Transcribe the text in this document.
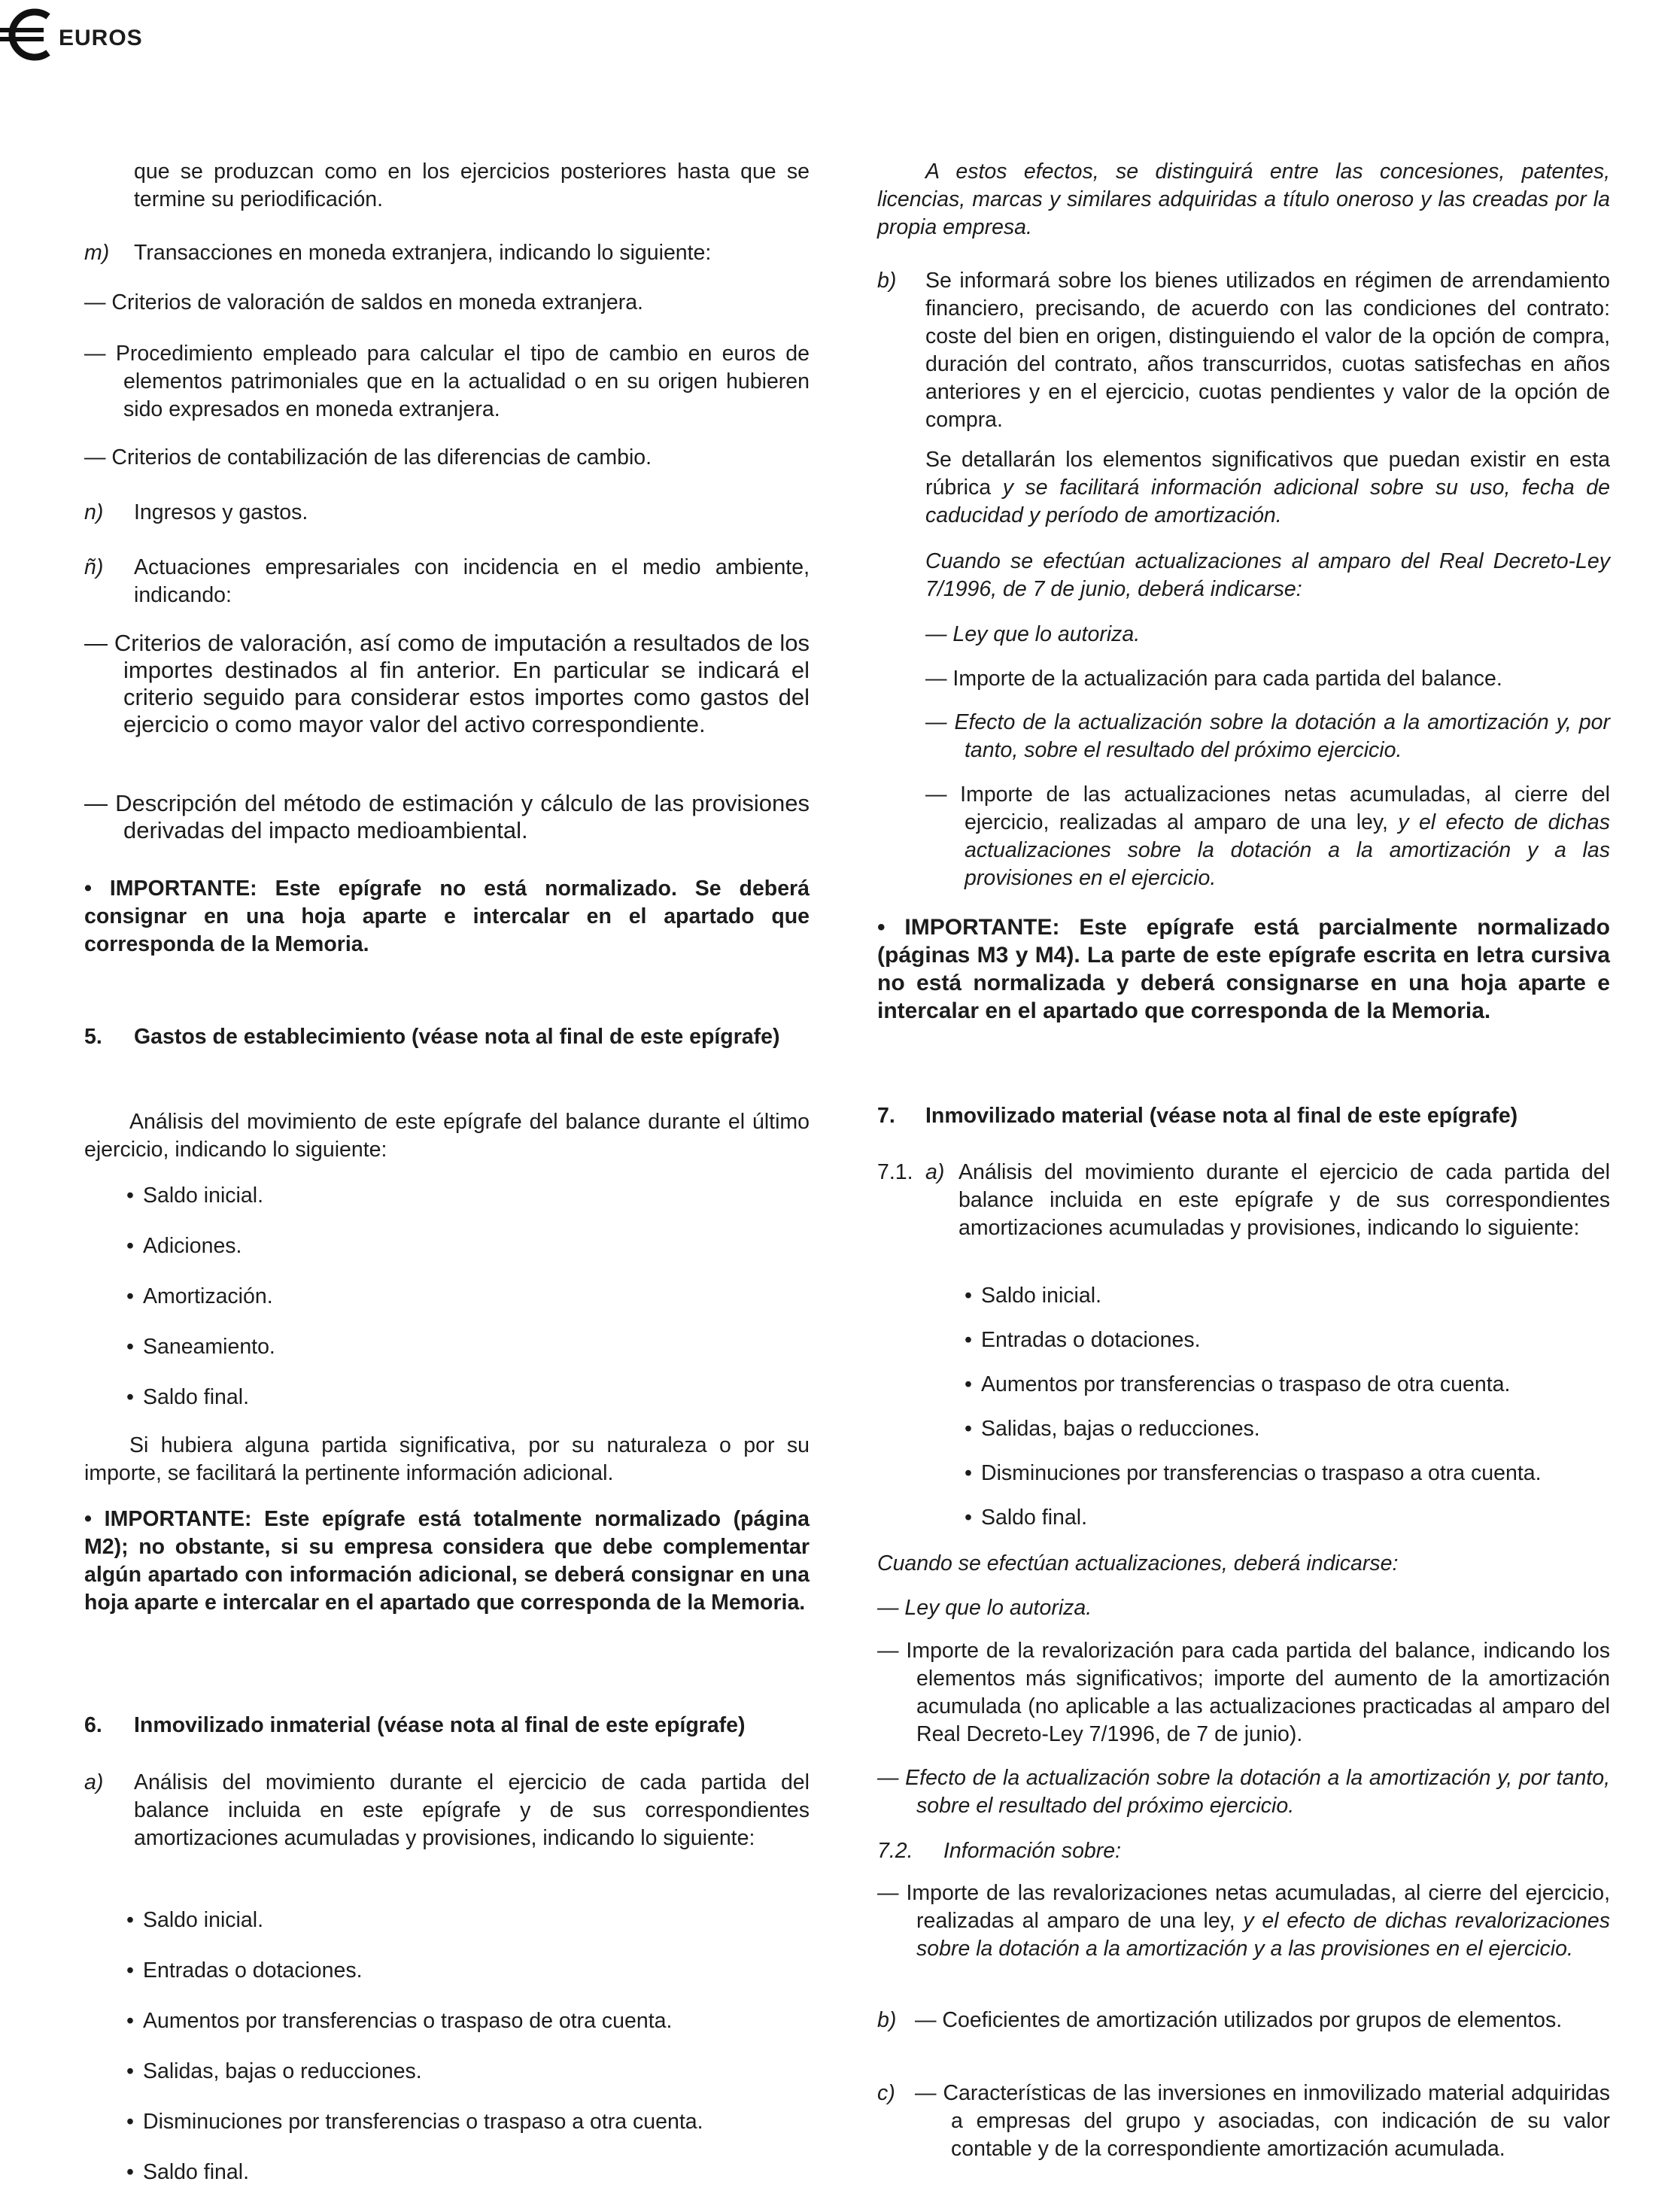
EUROS
que se produzcan como en los ejercicios posteriores hasta que se termine su periodificación.
m) Transacciones en moneda extranjera, indicando lo siguiente:
— Criterios de valoración de saldos en moneda extranjera.
— Procedimiento empleado para calcular el tipo de cambio en euros de elementos patrimoniales que en la actualidad o en su origen hubieren sido expresados en moneda extranjera.
— Criterios de contabilización de las diferencias de cambio.
n) Ingresos y gastos.
ñ) Actuaciones empresariales con incidencia en el medio ambiente, indicando:
— Criterios de valoración, así como de imputación a resultados de los importes destinados al fin anterior. En particular se indicará el criterio seguido para considerar estos importes como gastos del ejercicio o como mayor valor del activo correspondiente.
— Descripción del método de estimación y cálculo de las provisiones derivadas del impacto medioambiental.
• IMPORTANTE: Este epígrafe no está normalizado. Se deberá consignar en una hoja aparte e intercalar en el apartado que corresponda de la Memoria.
5. Gastos de establecimiento (véase nota al final de este epígrafe)
Análisis del movimiento de este epígrafe del balance durante el último ejercicio, indicando lo siguiente:
• Saldo inicial.
• Adiciones.
• Amortización.
• Saneamiento.
• Saldo final.
Si hubiera alguna partida significativa, por su naturaleza o por su importe, se facilitará la pertinente información adicional.
• IMPORTANTE: Este epígrafe está totalmente normalizado (página M2); no obstante, si su empresa considera que debe complementar algún apartado con información adicional, se deberá consignar en una hoja aparte e intercalar en el apartado que corresponda de la Memoria.
6. Inmovilizado inmaterial (véase nota al final de este epígrafe)
a) Análisis del movimiento durante el ejercicio de cada partida del balance incluida en este epígrafe y de sus correspondientes amortizaciones acumuladas y provisiones, indicando lo siguiente:
• Saldo inicial.
• Entradas o dotaciones.
• Aumentos por transferencias o traspaso de otra cuenta.
• Salidas, bajas o reducciones.
• Disminuciones por transferencias o traspaso a otra cuenta.
• Saldo final.
A estos efectos, se distinguirá entre las concesiones, patentes, licencias, marcas y similares adquiridas a título oneroso y las creadas por la propia empresa.
b) Se informará sobre los bienes utilizados en régimen de arrendamiento financiero, precisando, de acuerdo con las condiciones del contrato: coste del bien en origen, distinguiendo el valor de la opción de compra, duración del contrato, años transcurridos, cuotas satisfechas en años anteriores y en el ejercicio, cuotas pendientes y valor de la opción de compra.
Se detallarán los elementos significativos que puedan existir en esta rúbrica y se facilitará información adicional sobre su uso, fecha de caducidad y período de amortización.
Cuando se efectúan actualizaciones al amparo del Real Decreto-Ley 7/1996, de 7 de junio, deberá indicarse:
— Ley que lo autoriza.
— Importe de la actualización para cada partida del balance.
— Efecto de la actualización sobre la dotación a la amortización y, por tanto, sobre el resultado del próximo ejercicio.
— Importe de las actualizaciones netas acumuladas, al cierre del ejercicio, realizadas al amparo de una ley, y el efecto de dichas actualizaciones sobre la dotación a la amortización y a las provisiones en el ejercicio.
• IMPORTANTE: Este epígrafe está parcialmente normalizado (páginas M3 y M4). La parte de este epígrafe escrita en letra cursiva no está normalizada y deberá consignarse en una hoja aparte e intercalar en el apartado que corresponda de la Memoria.
7. Inmovilizado material (véase nota al final de este epígrafe)
7.1. a) Análisis del movimiento durante el ejercicio de cada partida del balance incluida en este epígrafe y de sus correspondientes amortizaciones acumuladas y provisiones, indicando lo siguiente:
• Saldo inicial.
• Entradas o dotaciones.
• Aumentos por transferencias o traspaso de otra cuenta.
• Salidas, bajas o reducciones.
• Disminuciones por transferencias o traspaso a otra cuenta.
• Saldo final.
Cuando se efectúan actualizaciones, deberá indicarse:
— Ley que lo autoriza.
— Importe de la revalorización para cada partida del balance, indicando los elementos más significativos; importe del aumento de la amortización acumulada (no aplicable a las actualizaciones practicadas al amparo del Real Decreto-Ley 7/1996, de 7 de junio).
— Efecto de la actualización sobre la dotación a la amortización y, por tanto, sobre el resultado del próximo ejercicio.
7.2. Información sobre:
— Importe de las revalorizaciones netas acumuladas, al cierre del ejercicio, realizadas al amparo de una ley, y el efecto de dichas revalorizaciones sobre la dotación a la amortización y a las provisiones en el ejercicio.
b) — Coeficientes de amortización utilizados por grupos de elementos.
c) — Características de las inversiones en inmovilizado material adquiridas a empresas del grupo y asociadas, con indicación de su valor contable y de la correspondiente amortización acumulada.
